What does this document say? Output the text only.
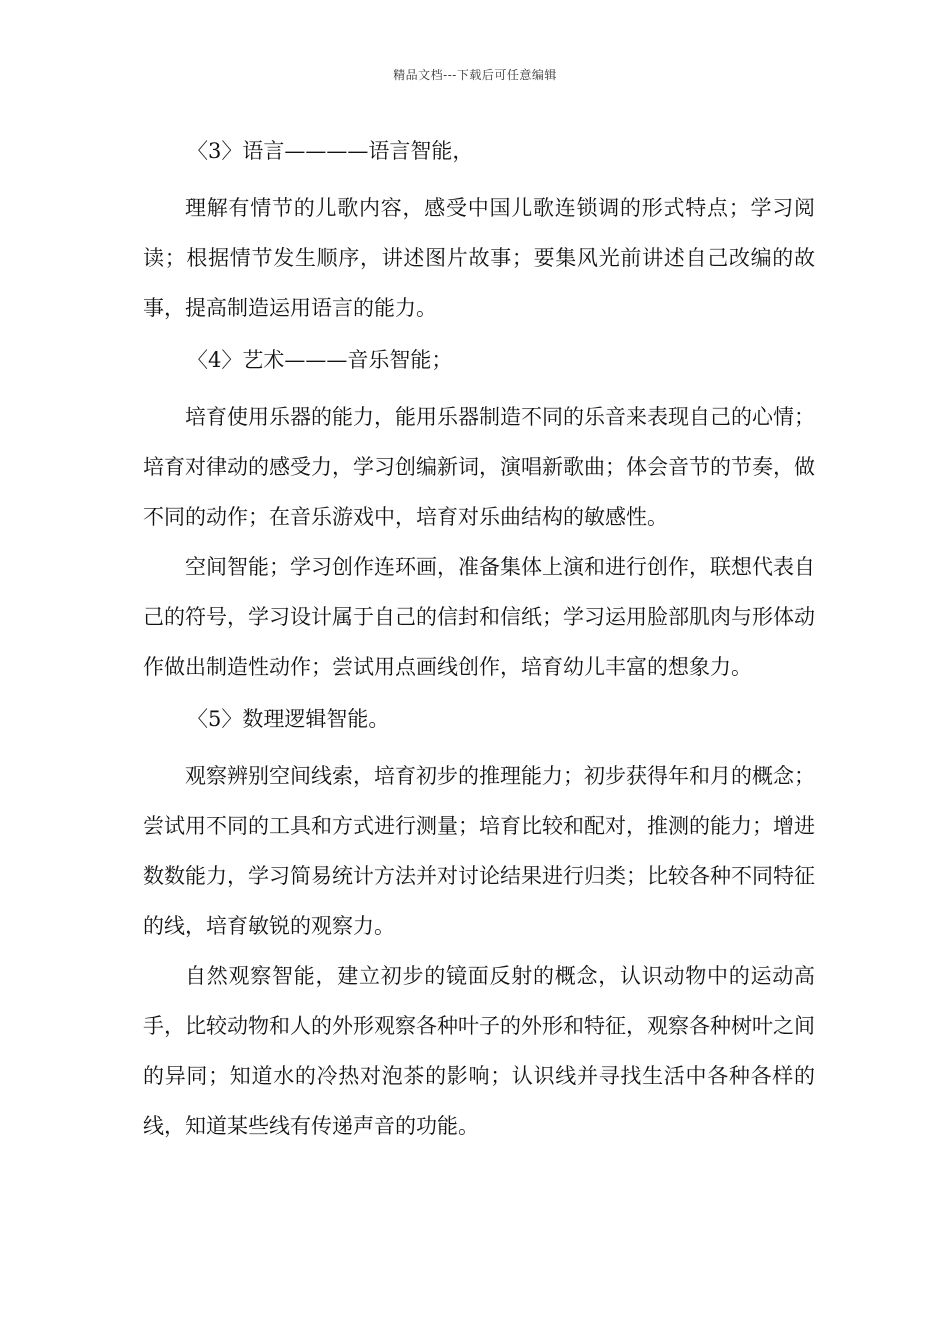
精品文档---下载后可任意编辑

〈3〉语言————语言智能，

理解有情节的儿歌内容，感受中国儿歌连锁调的形式特点；学习阅读；根据情节发生顺序，讲述图片故事；要集风光前讲述自己改编的故事，提高制造运用语言的能力。

〈4〉艺术———音乐智能；

培育使用乐器的能力，能用乐器制造不同的乐音来表现自己的心情；培育对律动的感受力，学习创编新词，演唱新歌曲；体会音节的节奏，做不同的动作；在音乐游戏中，培育对乐曲结构的敏感性。

空间智能；学习创作连环画，准备集体上演和进行创作，联想代表自己的符号，学习设计属于自己的信封和信纸；学习运用脸部肌肉与形体动作做出制造性动作；尝试用点画线创作，培育幼儿丰富的想象力。

〈5〉数理逻辑智能。

观察辨别空间线索，培育初步的推理能力；初步获得年和月的概念；尝试用不同的工具和方式进行测量；培育比较和配对，推测的能力；增进数数能力，学习简易统计方法并对讨论结果进行归类；比较各种不同特征的线，培育敏锐的观察力。

自然观察智能，建立初步的镜面反射的概念，认识动物中的运动高手，比较动物和人的外形观察各种叶子的外形和特征，观察各种树叶之间的异同；知道水的冷热对泡茶的影响；认识线并寻找生活中各种各样的线，知道某些线有传递声音的功能。
